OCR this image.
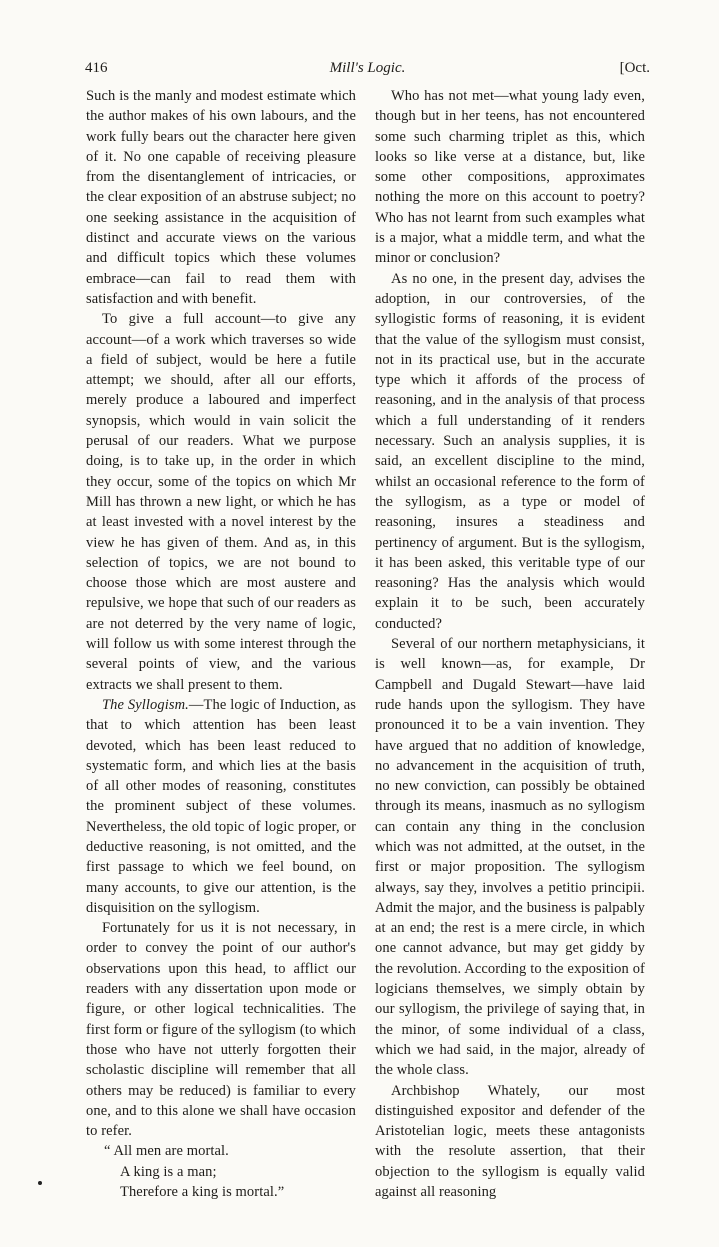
416	Mill's Logic.	[Oct.

Such is the manly and modest estimate which the author makes of his own labours, and the work fully bears out the character here given of it. No one capable of receiving pleasure from the disentanglement of intricacies, or the clear exposition of an abstruse subject; no one seeking assistance in the acquisition of distinct and accurate views on the various and difficult topics which these volumes embrace—can fail to read them with satisfaction and with benefit.

To give a full account—to give any account—of a work which traverses so wide a field of subject, would be here a futile attempt; we should, after all our efforts, merely produce a laboured and imperfect synopsis, which would in vain solicit the perusal of our readers. What we purpose doing, is to take up, in the order in which they occur, some of the topics on which Mr Mill has thrown a new light, or which he has at least invested with a novel interest by the view he has given of them. And as, in this selection of topics, we are not bound to choose those which are most austere and repulsive, we hope that such of our readers as are not deterred by the very name of logic, will follow us with some interest through the several points of view, and the various extracts we shall present to them.

The Syllogism.—The logic of Induction, as that to which attention has been least devoted, which has been least reduced to systematic form, and which lies at the basis of all other modes of reasoning, constitutes the prominent subject of these volumes. Nevertheless, the old topic of logic proper, or deductive reasoning, is not omitted, and the first passage to which we feel bound, on many accounts, to give our attention, is the disquisition on the syllogism.

Fortunately for us it is not necessary, in order to convey the point of our author's observations upon this head, to afflict our readers with any dissertation upon mode or figure, or other logical technicalities. The first form or figure of the syllogism (to which those who have not utterly forgotten their scholastic discipline will remember that all others may be reduced) is familiar to every one, and to this alone we shall have occasion to refer.

“ All men are mortal.

A king is a man;

Therefore a king is mortal.”

Who has not met—what young lady even, though but in her teens, has not encountered some such charming triplet as this, which looks so like verse at a distance, but, like some other compositions, approximates nothing the more on this account to poetry? Who has not learnt from such examples what is a major, what a middle term, and what the minor or conclusion?

As no one, in the present day, advises the adoption, in our controversies, of the syllogistic forms of reasoning, it is evident that the value of the syllogism must consist, not in its practical use, but in the accurate type which it affords of the process of reasoning, and in the analysis of that process which a full understanding of it renders necessary. Such an analysis supplies, it is said, an excellent discipline to the mind, whilst an occasional reference to the form of the syllogism, as a type or model of reasoning, insures a steadiness and pertinency of argument. But is the syllogism, it has been asked, this veritable type of our reasoning? Has the analysis which would explain it to be such, been accurately conducted?

Several of our northern metaphysicians, it is well known—as, for example, Dr Campbell and Dugald Stewart—have laid rude hands upon the syllogism. They have pronounced it to be a vain invention. They have argued that no addition of knowledge, no advancement in the acquisition of truth, no new conviction, can possibly be obtained through its means, inasmuch as no syllogism can contain any thing in the conclusion which was not admitted, at the outset, in the first or major proposition. The syllogism always, say they, involves a petitio principii. Admit the major, and the business is palpably at an end; the rest is a mere circle, in which one cannot advance, but may get giddy by the revolution. According to the exposition of logicians themselves, we simply obtain by our syllogism, the privilege of saying that, in the minor, of some individual of a class, which we had said, in the major, already of the whole class.

Archbishop Whately, our most distinguished expositor and defender of the Aristotelian logic, meets these antagonists with the resolute assertion, that their objection to the syllogism is equally valid against all reasoning
